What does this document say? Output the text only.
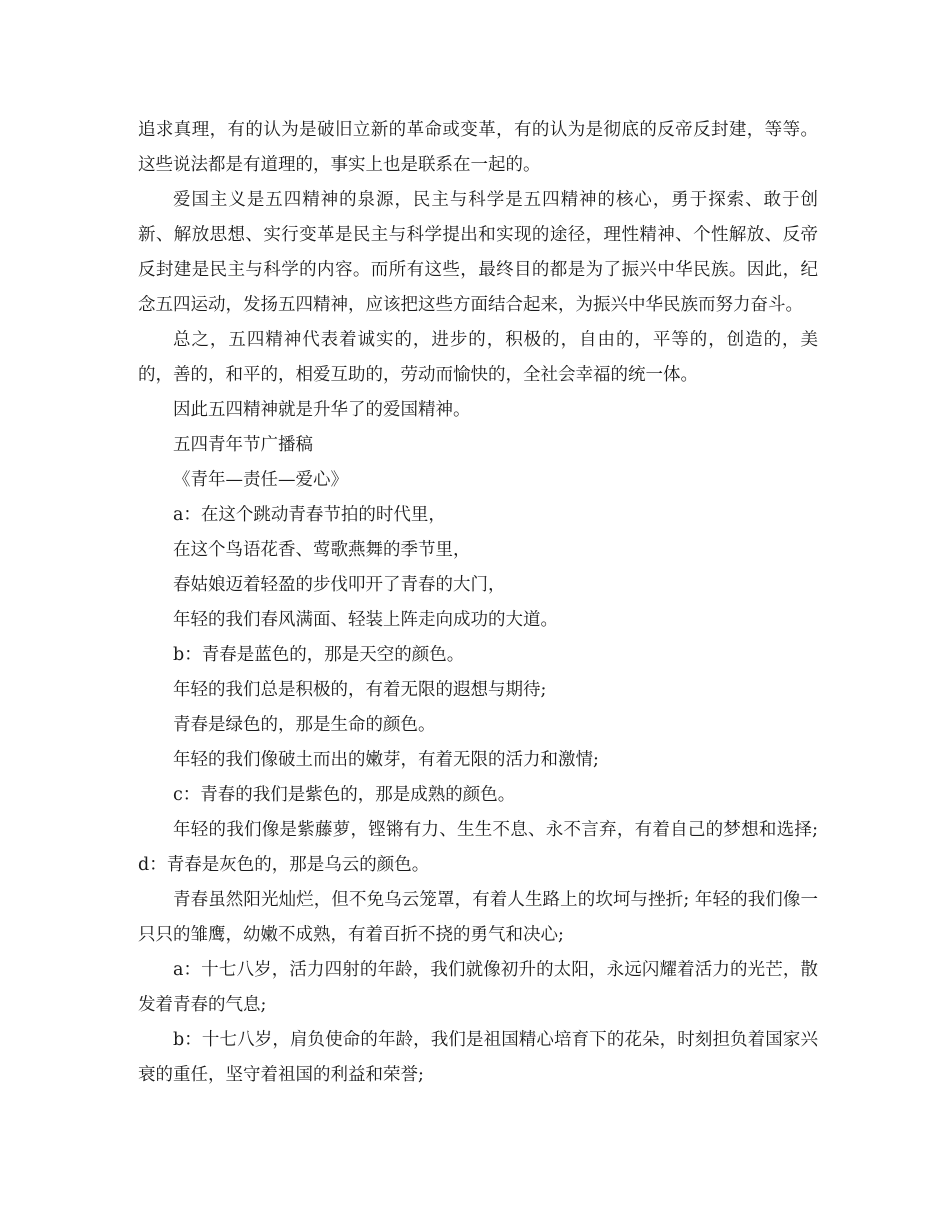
追求真理，有的认为是破旧立新的革命或变革，有的认为是彻底的反帝反封建，等等。这些说法都是有道理的，事实上也是联系在一起的。

爱国主义是五四精神的泉源，民主与科学是五四精神的核心，勇于探索、敢于创新、解放思想、实行变革是民主与科学提出和实现的途径，理性精神、个性解放、反帝反封建是民主与科学的内容。而所有这些，最终目的都是为了振兴中华民族。因此，纪念五四运动，发扬五四精神，应该把这些方面结合起来，为振兴中华民族而努力奋斗。

总之，五四精神代表着诚实的，进步的，积极的，自由的，平等的，创造的，美的，善的，和平的，相爱互助的，劳动而愉快的，全社会幸福的统一体。

因此五四精神就是升华了的爱国精神。

五四青年节广播稿

《青年—责任—爱心》

a：在这个跳动青春节拍的时代里，

在这个鸟语花香、莺歌燕舞的季节里，

春姑娘迈着轻盈的步伐叩开了青春的大门，

年轻的我们春风满面、轻装上阵走向成功的大道。

b：青春是蓝色的，那是天空的颜色。

年轻的我们总是积极的，有着无限的遐想与期待;

青春是绿色的，那是生命的颜色。

年轻的我们像破土而出的嫩芽，有着无限的活力和激情;

c：青春的我们是紫色的，那是成熟的颜色。

年轻的我们像是紫藤萝，铿锵有力、生生不息、永不言弃，有着自己的梦想和选择; d：青春是灰色的，那是乌云的颜色。

青春虽然阳光灿烂，但不免乌云笼罩，有着人生路上的坎坷与挫折; 年轻的我们像一只只的雏鹰，幼嫩不成熟，有着百折不挠的勇气和决心;

a：十七八岁，活力四射的年龄，我们就像初升的太阳，永远闪耀着活力的光芒，散发着青春的气息;

b：十七八岁，肩负使命的年龄，我们是祖国精心培育下的花朵，时刻担负着国家兴衰的重任，坚守着祖国的利益和荣誉;
